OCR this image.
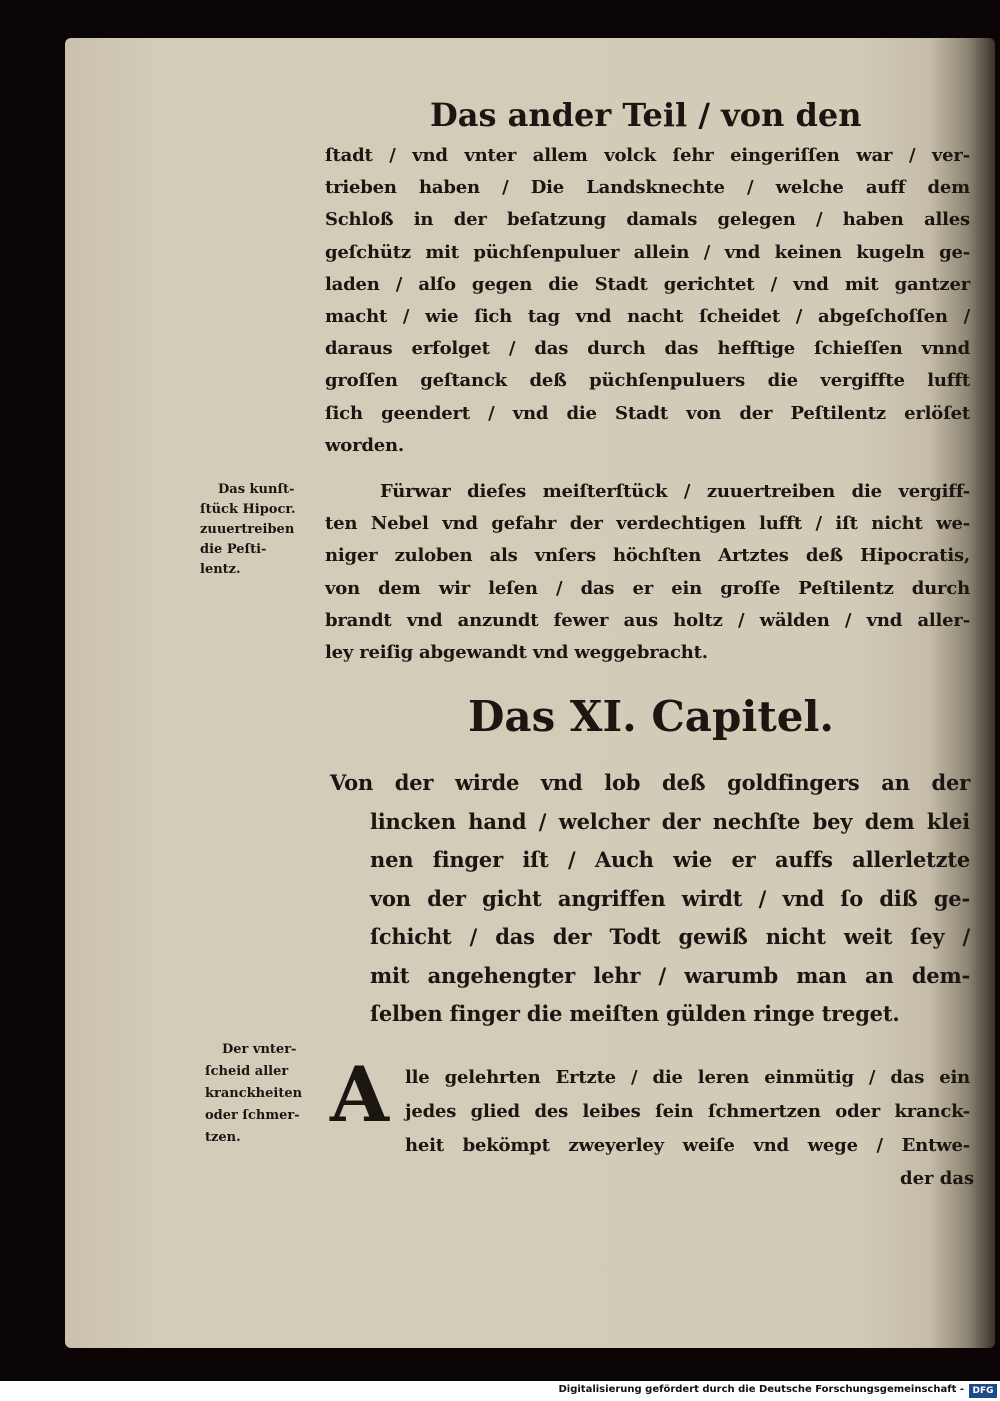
Das ander Teil / von den
ſtadt / vnd vnter allem volck ſehr eingeriſſen war / ver-
trieben haben / Die Landsknechte / welche auff dem
Schloß in der beſatzung damals gelegen / haben alles
geſchütz mit püchſenpuluer allein / vnd keinen kugeln ge-
laden / alſo gegen die Stadt gerichtet / vnd mit gantzer
macht / wie ſich tag vnd nacht ſcheidet / abgeſchoſſen /
daraus erfolget / das durch das hefftige ſchieſſen vnnd
groſſen geſtanck deß püchſenpuluers die vergiffte lufft
ſich geendert / vnd die Stadt von der Peſtilentz erlöſet
worden.
Fürwar dieſes meiſterſtück / zuuertreiben die vergiff-
ten Nebel vnd gefahr der verdechtigen lufft / iſt nicht we-
niger zuloben als vnſers höchſten Artztes deß Hipocratis,
von dem wir leſen / das er ein groſſe Peſtilentz durch
brandt vnd anzundt fewer aus holtz / wälden / vnd aller-
ley reiſig abgewandt vnd weggebracht.
Das kunſt-
ſtück Hipocr.
zuuertreiben
die Peſti-
lentz.
Das XI. Capitel.
Von der wirde vnd lob deß goldfingers an der
lincken hand / welcher der nechſte bey dem klei
nen finger iſt / Auch wie er auffs allerletzte
von der gicht angriffen wirdt / vnd ſo diß ge-
ſchicht / das der Todt gewiß nicht weit ſey /
mit angehengter lehr / warumb man an dem-
ſelben finger die meiſten gülden ringe treget.
A lle gelehrten Ertzte / die leren einmütig / das ein
jedes glied des leibes ſein ſchmertzen oder kranck-
heit bekömpt zweyerley weiſe vnd wege / Entwe-
der das
Der vnter-
ſcheid aller
kranckheiten
oder ſchmer-
tzen.
Digitalisierung gefördert durch die Deutsche Forschungsgemeinschaft - DFG
